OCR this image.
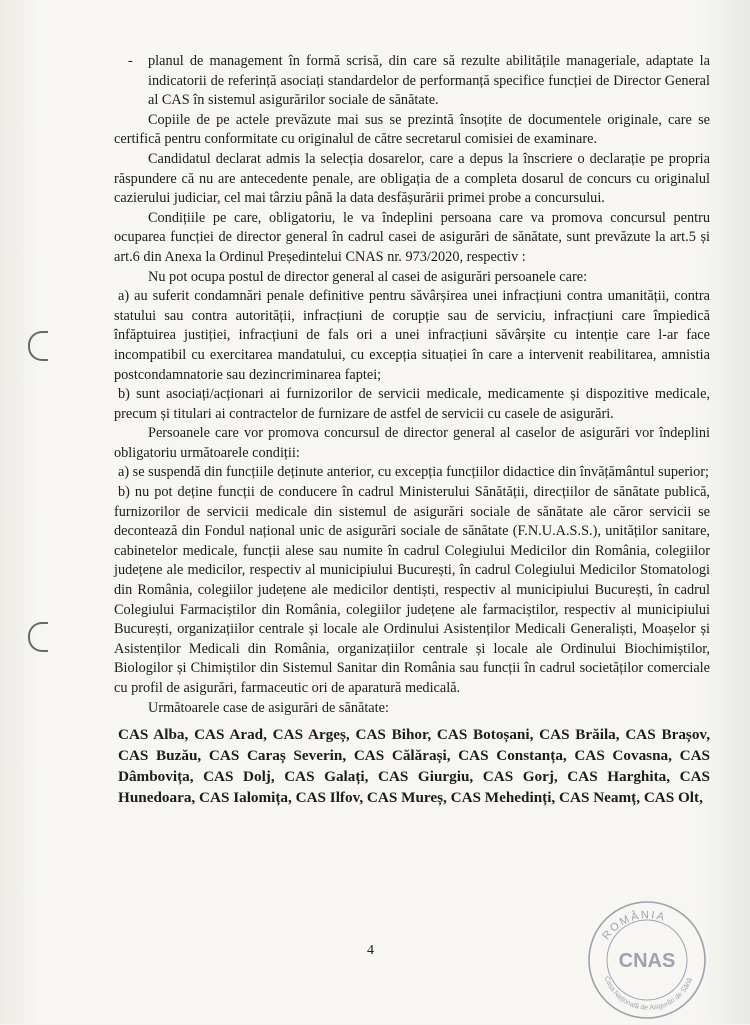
-	planul de management în formă scrisă, din care să rezulte abilitățile manageriale, adaptate la indicatorii de referință asociați standardelor de performanță specifice funcției de Director General al CAS în sistemul asigurărilor sociale de sănătate.

Copiile de pe actele prevăzute mai sus se prezintă însoțite de documentele originale, care se certifică pentru conformitate cu originalul de către secretarul comisiei de examinare.

Candidatul declarat admis la selecția dosarelor, care a depus la înscriere o declarație pe propria răspundere că nu are antecedente penale, are obligația de a completa dosarul de concurs cu originalul cazierului judiciar, cel mai târziu până la data desfășurării primei probe a concursului.

Condițiile pe care, obligatoriu, le va îndeplini persoana care va promova concursul pentru ocuparea funcției de director general în cadrul casei de asigurări de sănătate, sunt prevăzute la art.5 și art.6 din Anexa la Ordinul Președintelui CNAS nr. 973/2020, respectiv :

Nu pot ocupa postul de director general al casei de asigurări persoanele care:

a) au suferit condamnări penale definitive pentru săvârșirea unei infracțiuni contra umanității, contra statului sau contra autorității, infracțiuni de corupție sau de serviciu, infracțiuni care împiedică înfăptuirea justiției, infracțiuni de fals ori a unei infracțiuni săvârșite cu intenție care l-ar face incompatibil cu exercitarea mandatului, cu excepția situației în care a intervenit reabilitarea, amnistia postcondamnatorie sau dezincriminarea faptei;

b) sunt asociați/acționari ai furnizorilor de servicii medicale, medicamente și dispozitive medicale, precum și titulari ai contractelor de furnizare de astfel de servicii cu casele de asigurări.

Persoanele care vor promova concursul de director general al caselor de asigurări vor îndeplini obligatoriu următoarele condiții:

a) se suspendă din funcțiile deținute anterior, cu excepția funcțiilor didactice din învățământul superior;

b) nu pot deține funcții de conducere în cadrul Ministerului Sănătății, direcțiilor de sănătate publică, furnizorilor de servicii medicale din sistemul de asigurări sociale de sănătate ale căror servicii se decontează din Fondul național unic de asigurări sociale de sănătate (F.N.U.A.S.S.), unităților sanitare, cabinetelor medicale, funcții alese sau numite în cadrul Colegiului Medicilor din România, colegiilor județene ale medicilor, respectiv al municipiului București, în cadrul Colegiului Medicilor Stomatologi din România, colegiilor județene ale medicilor dentiști, respectiv al municipiului București, în cadrul Colegiului Farmaciștilor din România, colegiilor județene ale farmaciștilor, respectiv al municipiului București, organizațiilor centrale și locale ale Ordinului Asistenților Medicali Generaliști, Moașelor și Asistenților Medicali din România, organizațiilor centrale și locale ale Ordinului Biochimiștilor, Biologilor și Chimiștilor din Sistemul Sanitar din România sau funcții în cadrul societăților comerciale cu profil de asigurări, farmaceutic ori de aparatură medicală.

Următoarele case de asigurări de sănătate:

CAS Alba, CAS Arad, CAS Argeș, CAS Bihor, CAS Botoșani, CAS Brăila, CAS Brașov, CAS Buzău, CAS Caraș Severin, CAS Călărași, CAS Constanța, CAS Covasna, CAS Dâmbovița, CAS Dolj, CAS Galați, CAS Giurgiu, CAS Gorj, CAS Harghita, CAS Hunedoara, CAS Ialomița, CAS Ilfov, CAS Mureș, CAS Mehedinți, CAS Neamț, CAS Olt,

4
ROMÂNIA
CNAS
Casa Națională de Asigurări de Sănă
